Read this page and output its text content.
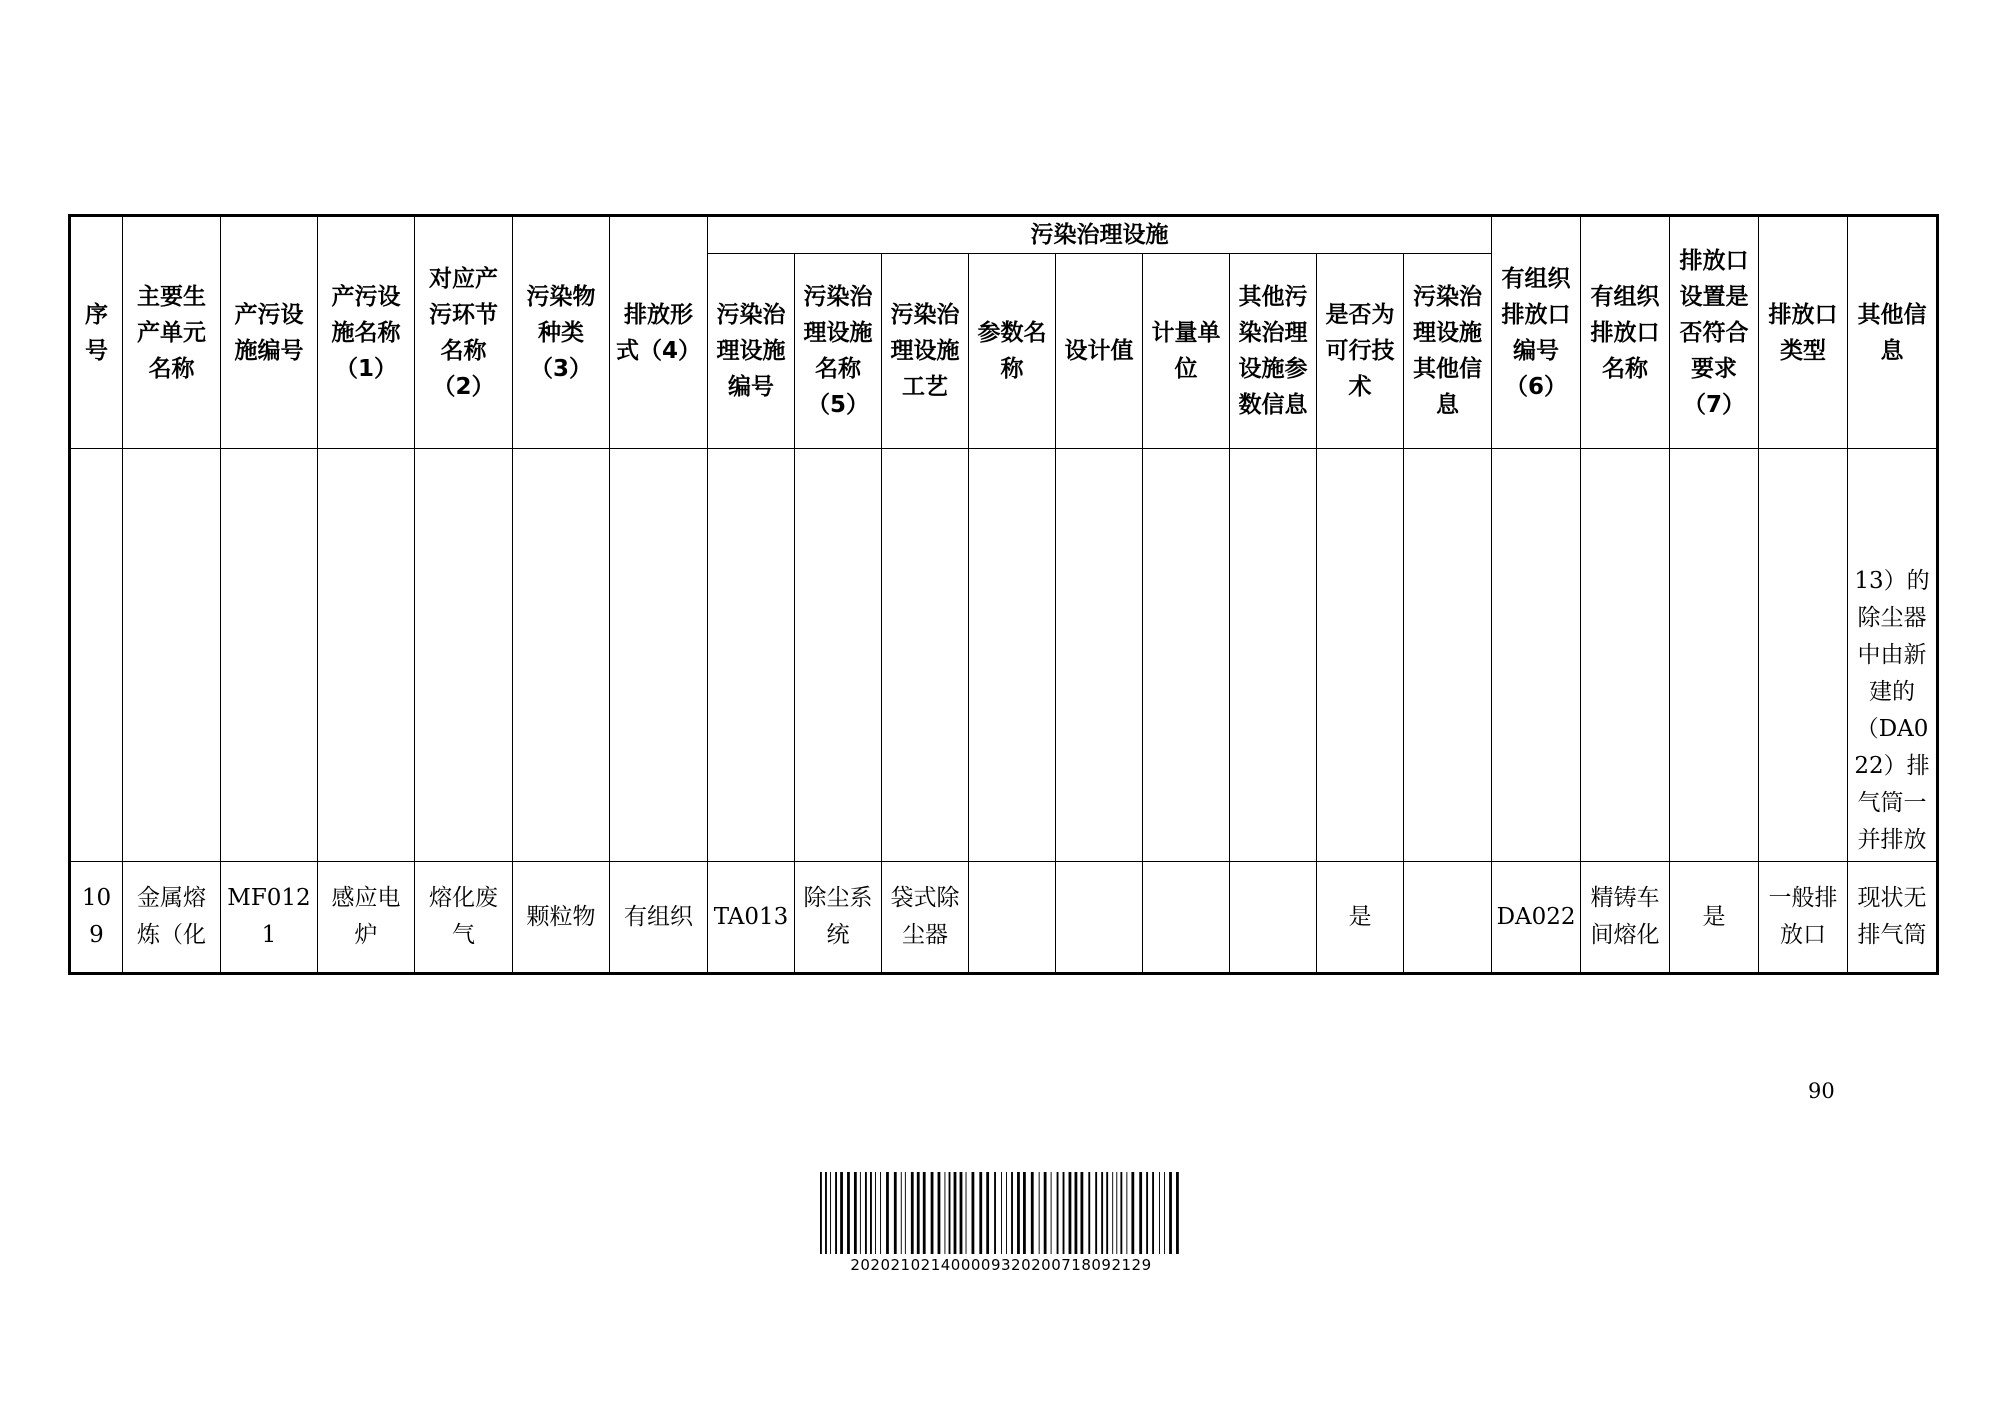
序号	主要生产单元名称	产污设施编号	产污设施名称（1）	对应产污环节名称（2）	污染物种类（3）	排放形式（4）	污染治理设施									有组织排放口编号（6）	有组织排放口名称	排放口设置是否符合要求（7）	排放口类型	其他信息
							污染治理设施编号	污染治理设施名称（5）	污染治理设施工艺	参数名称	设计值	计量单位	其他污染治理设施参数信息	是否为可行技术	污染治理设施其他信息					
																				13）的除尘器中由新建的（DA022）排气筒一并排放
109	金属熔炼（化	MF0121	感应电炉	熔化废气	颗粒物	有组织	TA013	除尘系统	袋式除尘器					是		DA022	精铸车间熔化	是	一般排放口	现状无排气筒
90
20202102140000932020071809212​9
